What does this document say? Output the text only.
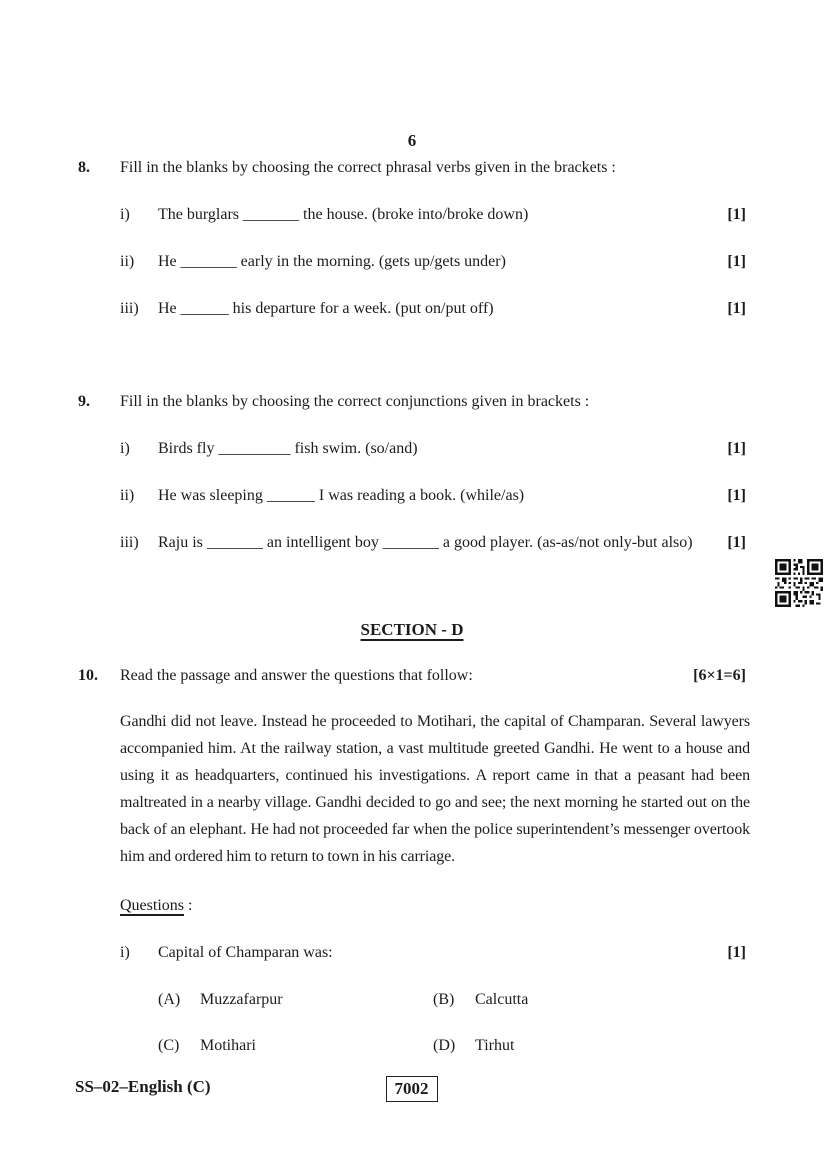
6
8.	Fill in the blanks by choosing the correct phrasal verbs given in the brackets :
i)	The burglars _______ the house. (broke into/broke down)	[1]
ii)	He _______ early in the morning. (gets up/gets under)	[1]
iii)	He ______ his departure for a week. (put on/put off)	[1]
9.	Fill in the blanks by choosing the correct conjunctions given in brackets :
i)	Birds fly _________ fish swim. (so/and)	[1]
ii)	He was sleeping ______ I was reading a book. (while/as)	[1]
iii)	Raju is _______ an intelligent boy _______ a good player. (as-as/not only-but also)	[1]
SECTION - D
10.	Read the passage and answer the questions that follow:	[6×1=6]

Gandhi did not leave. Instead he proceeded to Motihari, the capital of Champaran. Several lawyers accompanied him. At the railway station, a vast multitude greeted Gandhi. He went to a house and using it as headquarters, continued his investigations. A report came in that a peasant had been maltreated in a nearby village. Gandhi decided to go and see; the next morning he started out on the back of an elephant. He had not proceeded far when the police superintendent’s messenger overtook him and ordered him to return to town in his carriage.

Questions :
i)	Capital of Champaran was:	[1]
(A)	Muzzafarpur	(B)	Calcutta
(C)	Motihari	(D)	Tirhut
SS–02–English (C)	7002
